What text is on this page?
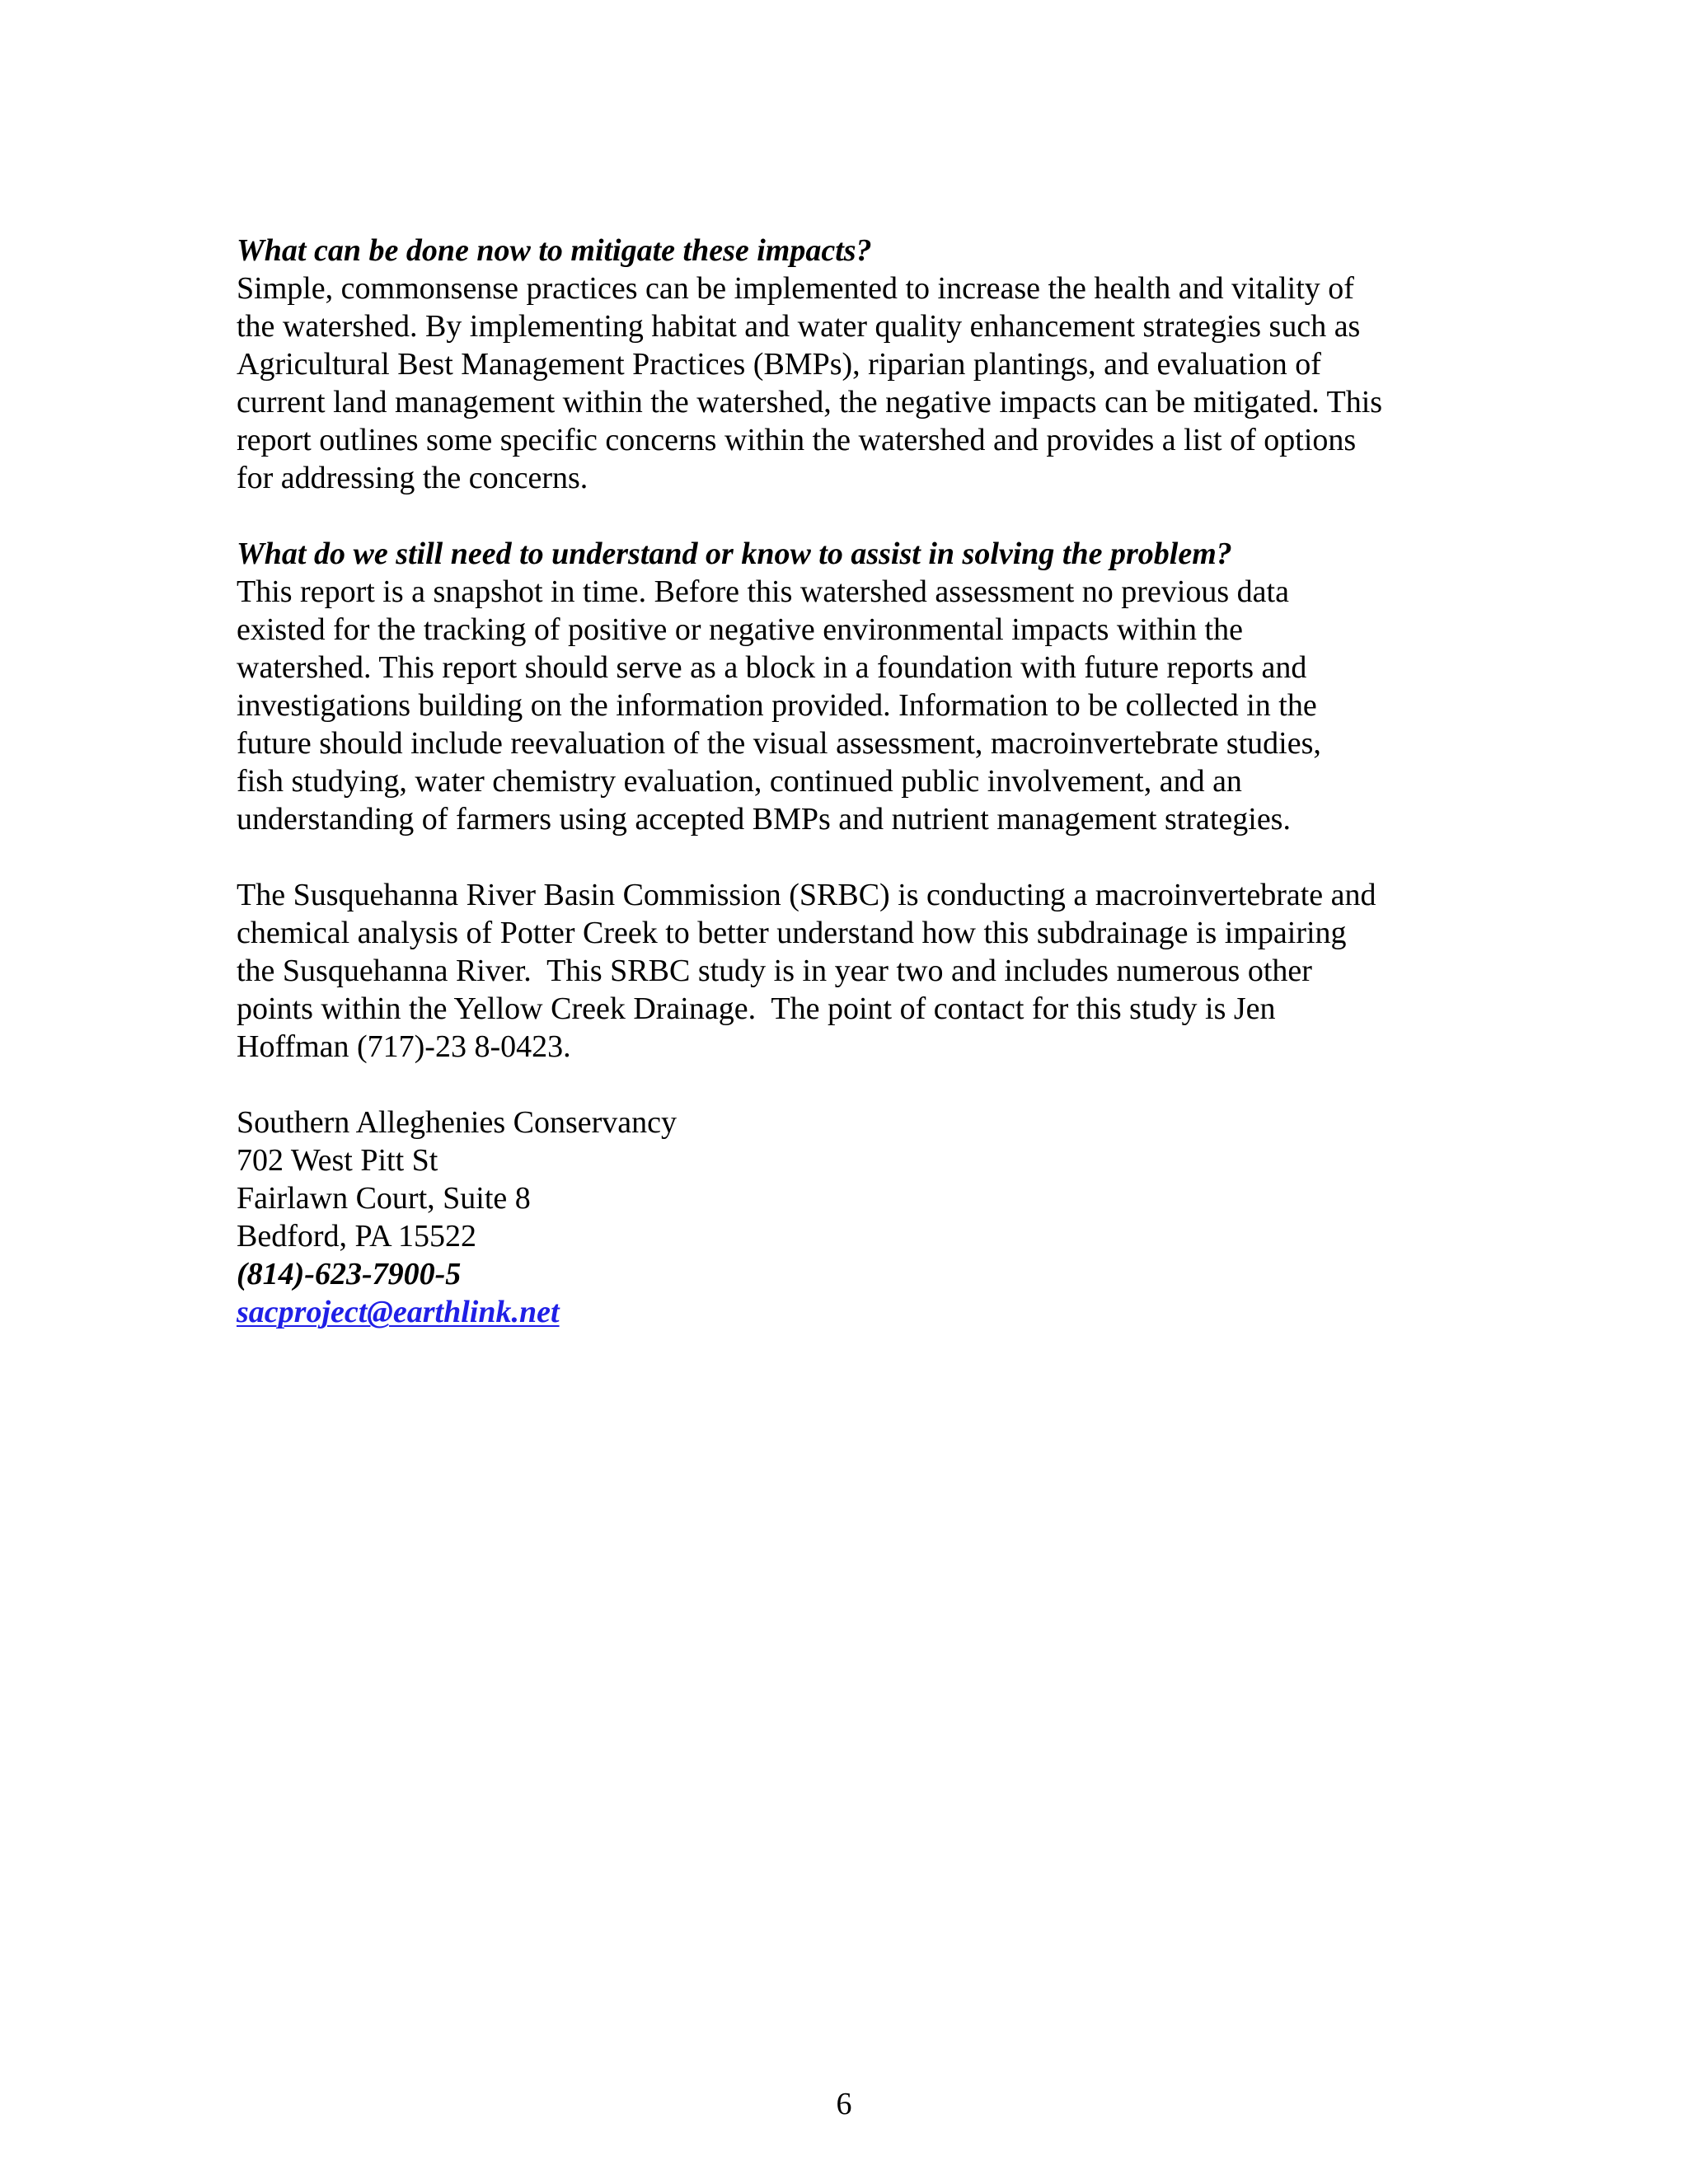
What can be done now to mitigate these impacts?
Simple, commonsense practices can be implemented to increase the health and vitality of
the watershed. By implementing habitat and water quality enhancement strategies such as
Agricultural Best Management Practices (BMPs), riparian plantings, and evaluation of
current land management within the watershed, the negative impacts can be mitigated. This
report outlines some specific concerns within the watershed and provides a list of options
for addressing the concerns.
What do we still need to understand or know to assist in solving the problem?
This report is a snapshot in time. Before this watershed assessment no previous data
existed for the tracking of positive or negative environmental impacts within the
watershed. This report should serve as a block in a foundation with future reports and
investigations building on the information provided. Information to be collected in the
future should include reevaluation of the visual assessment, macroinvertebrate studies,
fish studying, water chemistry evaluation, continued public involvement, and an
understanding of farmers using accepted BMPs and nutrient management strategies.
The Susquehanna River Basin Commission (SRBC) is conducting a macroinvertebrate and
chemical analysis of Potter Creek to better understand how this subdrainage is impairing
the Susquehanna River.  This SRBC study is in year two and includes numerous other
points within the Yellow Creek Drainage.  The point of contact for this study is Jen
Hoffman (717)-23 8-0423.
Southern Alleghenies Conservancy
702 West Pitt St
Fairlawn Court, Suite 8
Bedford, PA 15522
(814)-623-7900-5
sacproject@earthlink.net
6
